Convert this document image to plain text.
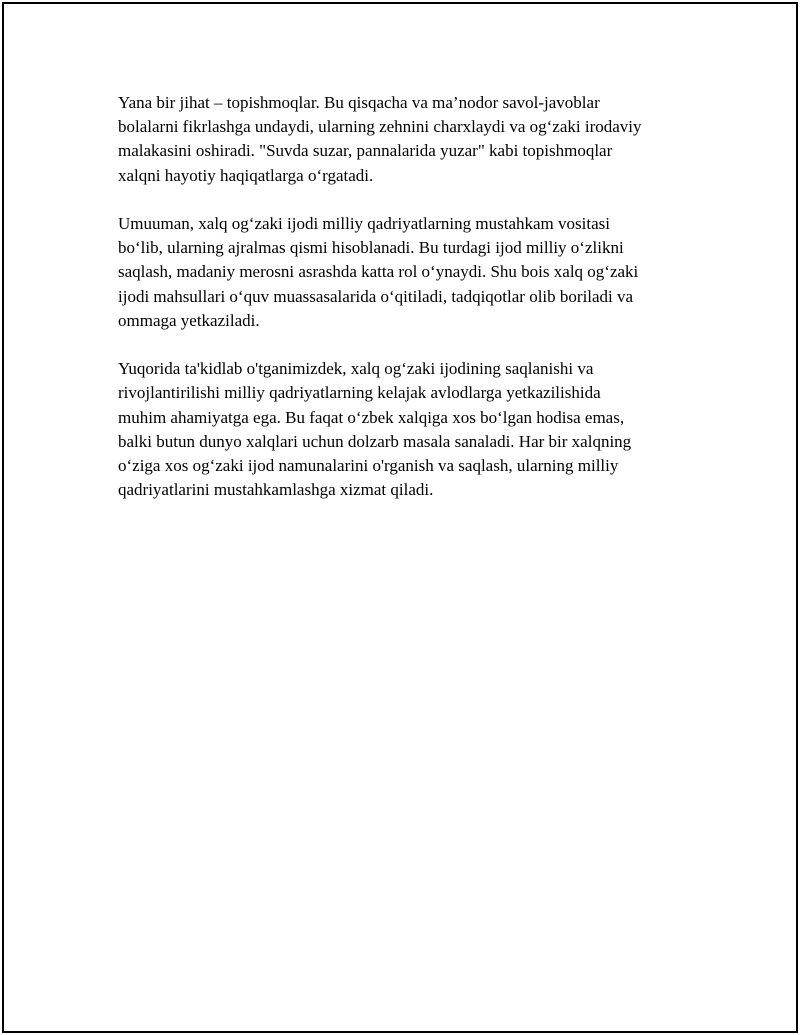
Yana bir jihat – topishmoqlar. Bu qisqacha va ma’nodor savol-javoblar
bolalarni fikrlashga undaydi, ularning zehnini charxlaydi va og‘zaki irodaviy
malakasini oshiradi. "Suvda suzar, pannalarida yuzar" kabi topishmoqlar
xalqni hayotiy haqiqatlarga o‘rgatadi.

Umuuman, xalq og‘zaki ijodi milliy qadriyatlarning mustahkam vositasi
bo‘lib, ularning ajralmas qismi hisoblanadi. Bu turdagi ijod milliy o‘zlikni
saqlash, madaniy merosni asrashda katta rol o‘ynaydi. Shu bois xalq og‘zaki
ijodi mahsullari o‘quv muassasalarida o‘qitiladi, tadqiqotlar olib boriladi va
ommaga yetkaziladi.

Yuqorida ta'kidlab o'tganimizdek, xalq og‘zaki ijodining saqlanishi va
rivojlantirilishi milliy qadriyatlarning kelajak avlodlarga yetkazilishida
muhim ahamiyatga ega. Bu faqat o‘zbek xalqiga xos bo‘lgan hodisa emas,
balki butun dunyo xalqlari uchun dolzarb masala sanaladi. Har bir xalqning
o‘ziga xos og‘zaki ijod namunalarini o'rganish va saqlash, ularning milliy
qadriyatlarini mustahkamlashga xizmat qiladi.
